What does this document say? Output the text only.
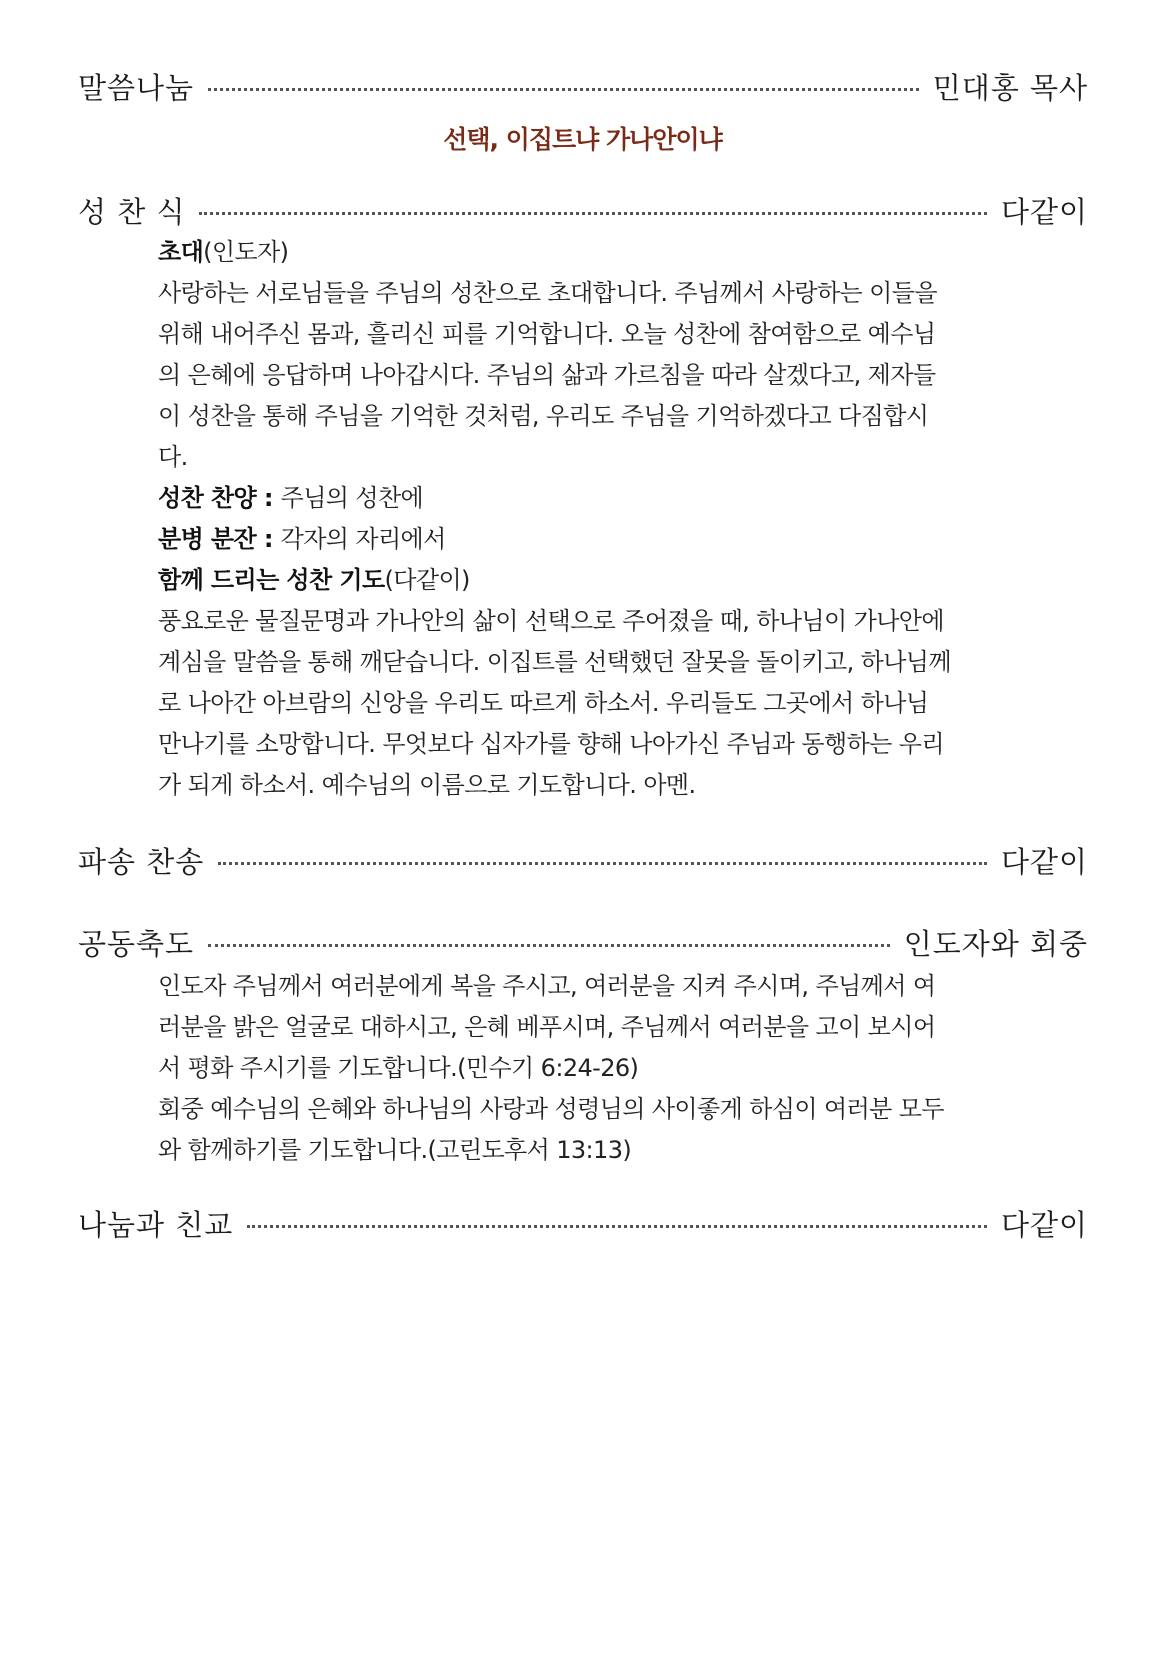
말씀나눔	민대홍 목사
선택, 이집트냐 가나안이냐
성 찬 식	다같이
초대(인도자)
사랑하는 서로님들을 주님의 성찬으로 초대합니다. 주님께서 사랑하는 이들을
위해 내어주신 몸과, 흘리신 피를 기억합니다. 오늘 성찬에 참여함으로 예수님
의 은혜에 응답하며 나아갑시다. 주님의 삶과 가르침을 따라 살겠다고, 제자들
이 성찬을 통해 주님을 기억한 것처럼, 우리도 주님을 기억하겠다고 다짐합시
다.
성찬 찬양 : 주님의 성찬에
분병 분잔 : 각자의 자리에서
함께 드리는 성찬 기도(다같이)
풍요로운 물질문명과 가나안의 삶이 선택으로 주어졌을 때, 하나님이 가나안에
계심을 말씀을 통해 깨닫습니다. 이집트를 선택했던 잘못을 돌이키고, 하나님께
로 나아간 아브람의 신앙을 우리도 따르게 하소서. 우리들도 그곳에서 하나님
만나기를 소망합니다. 무엇보다 십자가를 향해 나아가신 주님과 동행하는 우리
가 되게 하소서. 예수님의 이름으로 기도합니다. 아멘.
파송 찬송	다같이
공동축도	인도자와 회중
인도자 주님께서 여러분에게 복을 주시고, 여러분을 지켜 주시며, 주님께서 여
러분을 밝은 얼굴로 대하시고, 은혜 베푸시며, 주님께서 여러분을 고이 보시어
서 평화 주시기를 기도합니다.(민수기 6:24-26)
회중 예수님의 은혜와 하나님의 사랑과 성령님의 사이좋게 하심이 여러분 모두
와 함께하기를 기도합니다.(고린도후서 13:13)
나눔과 친교	다같이
